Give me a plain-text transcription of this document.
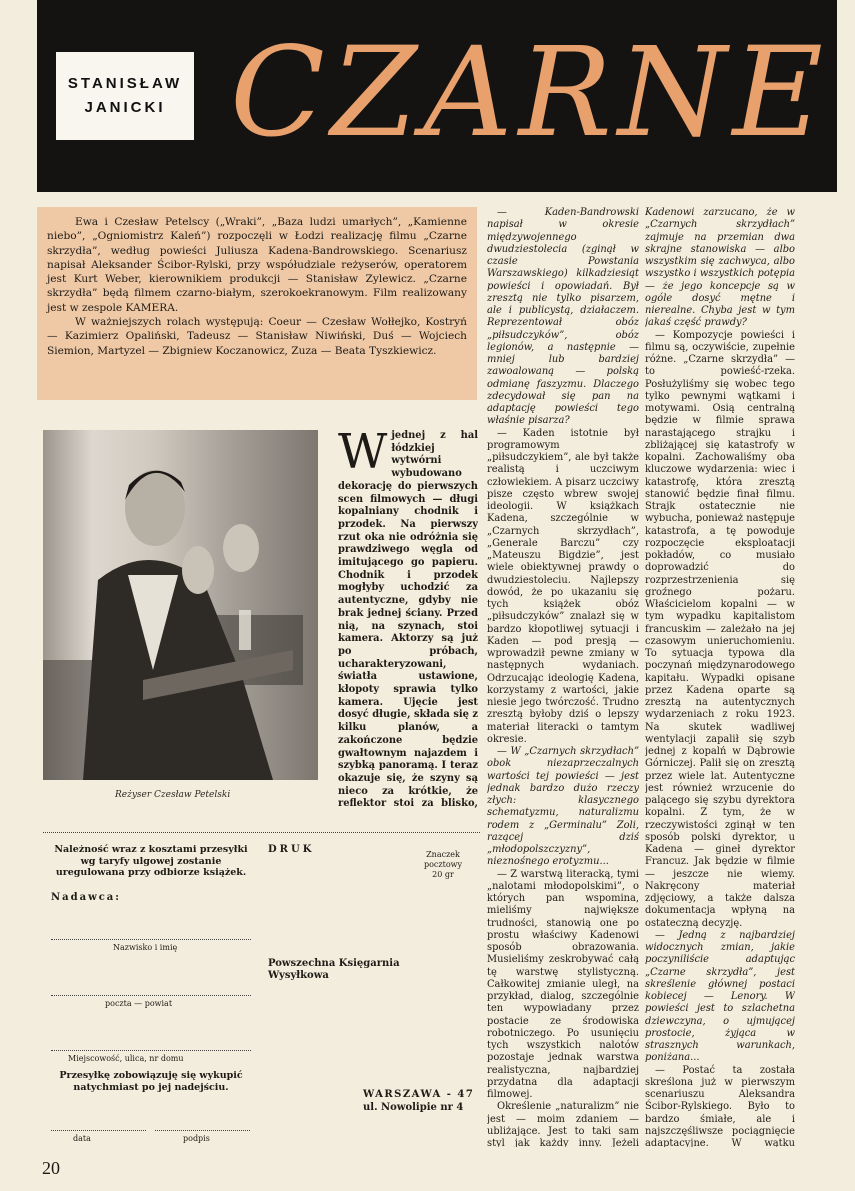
STANISŁAW
JANICKI CZARNE

Ewa i Czesław Petelscy („Wraki”, „Baza ludzi umarłych”, „Kamienne niebo”, „Ogniomistrz Kaleń”) rozpoczęli w Łodzi realizację filmu „Czarne skrzydła”, według powieści Juliusza Kadena-Bandrowskiego. Scenariusz napisał Aleksander Ścibor-Rylski, przy współudziale reżyserów, operatorem jest Kurt Weber, kierownikiem produkcji — Stanisław Zylewicz. „Czarne skrzydła” będą filmem czarno-białym, szerokoekranowym. Film realizowany jest w zespole KAMERA.

W ważniejszych rolach występują: Coeur — Czesław Wołłejko, Kostryń — Kazimierz Opaliński, Tadeusz — Stanisław Niwiński, Duś — Wojciech Siemion, Martyzel — Zbigniew Koczanowicz, Zuza — Beata Tyszkiewicz.

Reżyser Czesław Petelski
W jednej z hal łódzkiej wytwórni wybudowano dekorację do pierwszych scen filmowych — długi kopalniany chodnik i przodek. Na pierwszy rzut oka nie odróżnia się prawdziwego węgla od imitującego go papieru. Chodnik i przodek mogłyby uchodzić za autentyczne, gdyby nie brak jednej ściany. Przed nią, na szynach, stoi kamera. Aktorzy są już po próbach, ucharakteryzowani, światła ustawione, kłopoty sprawia tylko kamera. Ujęcie jest dosyć długie, składa się z kilku planów, a zakończone będzie gwałtownym najazdem i szybką panoramą. I teraz okazuje się, że szyny są nieco za krótkie, że reflektor stoi za blisko,
Należność wraz z kosztami przesyłki wg taryfy ulgowej zostanie uregulowana przy odbiorze książek.
DRUK	Znaczek pocztowy 20 gr
Nadawca:
Nazwisko i imię
poczta — powiat
Miejscowość, ulica, nr domu
Przesyłkę zobowiązuję się wykupić natychmiast po jej nadejściu.
data	podpis
Powszechna Księgarnia Wysyłkowa
WARSZAWA - 47
ul. Nowolipie nr 4

— Kaden-Bandrowski napisał w okresie międzywojennego dwudziestolecia (zginął w czasie Powstania Warszawskiego) kilkadziesiąt powieści i opowiadań. Był zresztą nie tylko pisarzem, ale i publicystą, działaczem. Reprezentował obóz „piłsudczyków”, obóz legionów, a następnie — mniej lub bardziej zawoalowaną — polską odmianę faszyzmu. Dlaczego zdecydował się pan na adaptację powieści tego właśnie pisarza?

— Kaden istotnie był programowym „piłsudczykiem”, ale był także realistą i uczciwym człowiekiem. A pisarz uczciwy pisze często wbrew swojej ideologii. W książkach Kadena, szczególnie w „Czarnych skrzydłach”, „Generale Barczu” czy „Mateuszu Bigdzie”, jest wiele obiektywnej prawdy o dwudziestoleciu. Najlepszy dowód, że po ukazaniu się tych książek obóz „piłsudczyków” znalazł się w bardzo kłopotliwej sytuacji i Kaden — pod presją — wprowadził pewne zmiany w następnych wydaniach. Odrzucając ideologię Kadena, korzystamy z wartości, jakie niesie jego twórczość. Trudno zresztą byłoby dziś o lepszy materiał literacki o tamtym okresie.

— W „Czarnych skrzydłach” obok niezaprzeczalnych wartości tej powieści — jest jednak bardzo dużo rzeczy złych: klasycznego schematyzmu, naturalizmu rodem z „Germinalu” Zoli, razącej dziś „młodopolszczyzny”, nieznośnego erotyzmu...

— Z warstwą literacką, tymi „nalotami młodopolskimi”, o których pan wspomina, mieliśmy największe trudności, stanowią one po prostu właściwy Kadenowi sposób obrazowania. Musieliśmy zeskrobywać całą tę warstwę stylistyczną. Całkowitej zmianie uległ, na przykład, dialog, szczególnie ten wypowiadany przez postacie ze środowiska robotniczego. Po usunięciu tych wszystkich nalotów pozostaje jednak warstwa realistyczna, najbardziej przydatna dla adaptacji filmowej.

Określenie „naturalizm” nie jest — moim zdaniem — ubliżające. Jest to taki sam styl jak każdy inny. Jeżeli

Kadenowi zarzucano, że w „Czarnych skrzydłach” zajmuje na przemian dwa skrajne stanowiska — albo wszystkim się zachwyca, albo wszystko i wszystkich potępia — że jego koncepcje są w ogóle dosyć mętne i nierealne. Chyba jest w tym jakaś część prawdy?

— Kompozycje powieści i filmu są, oczywiście, zupełnie różne. „Czarne skrzydła” — to powieść-rzeka. Posłużyliśmy się wobec tego tylko pewnymi wątkami i motywami. Osią centralną będzie w filmie sprawa narastającego strajku i zbliżającej się katastrofy w kopalni. Zachowaliśmy oba kluczowe wydarzenia: wiec i katastrofę, która zresztą stanowić będzie finał filmu. Strajk ostatecznie nie wybucha, ponieważ następuje katastrofa, a tę powoduje rozpoczęcie eksploatacji pokładów, co musiało doprowadzić do rozprzestrzenienia się groźnego pożaru. Właścicielom kopalni — w tym wypadku kapitalistom francuskim — zależało na jej czasowym unieruchomieniu. To sytuacja typowa dla poczynań międzynarodowego kapitału. Wypadki opisane przez Kadena oparte są zresztą na autentycznych wydarzeniach z roku 1923. Na skutek wadliwej wentylacji zapalił się szyb jednej z kopalń w Dąbrowie Górniczej. Palił się on zresztą przez wiele lat. Autentyczne jest również wrzucenie do palącego się szybu dyrektora kopalni. Z tym, że w rzeczywistości zginął w ten sposób polski dyrektor, u Kadena — gineł dyrektor Francuz. Jak będzie w filmie — jeszcze nie wiemy. Nakręcony materiał zdjęciowy, a także dalsza dokumentacja wpłyną na ostateczną decyzję.

— Jedną z najbardziej widocznych zmian, jakie poczyniliście adaptując „Czarne skrzydła”, jest skreślenie głównej postaci kobiecej — Lenory. W powieści jest to szlachetna dziewczyna, o ujmującej prostocie, żyjąca w strasznych warunkach, poniżana...

— Postać ta została skreślona już w pierwszym scenariuszu Aleksandra Ścibor-Rylskiego. Było to bardzo śmiałe, ale i najszczęśliwsze pociągnięcie adaptacyjne. W wątku

20
